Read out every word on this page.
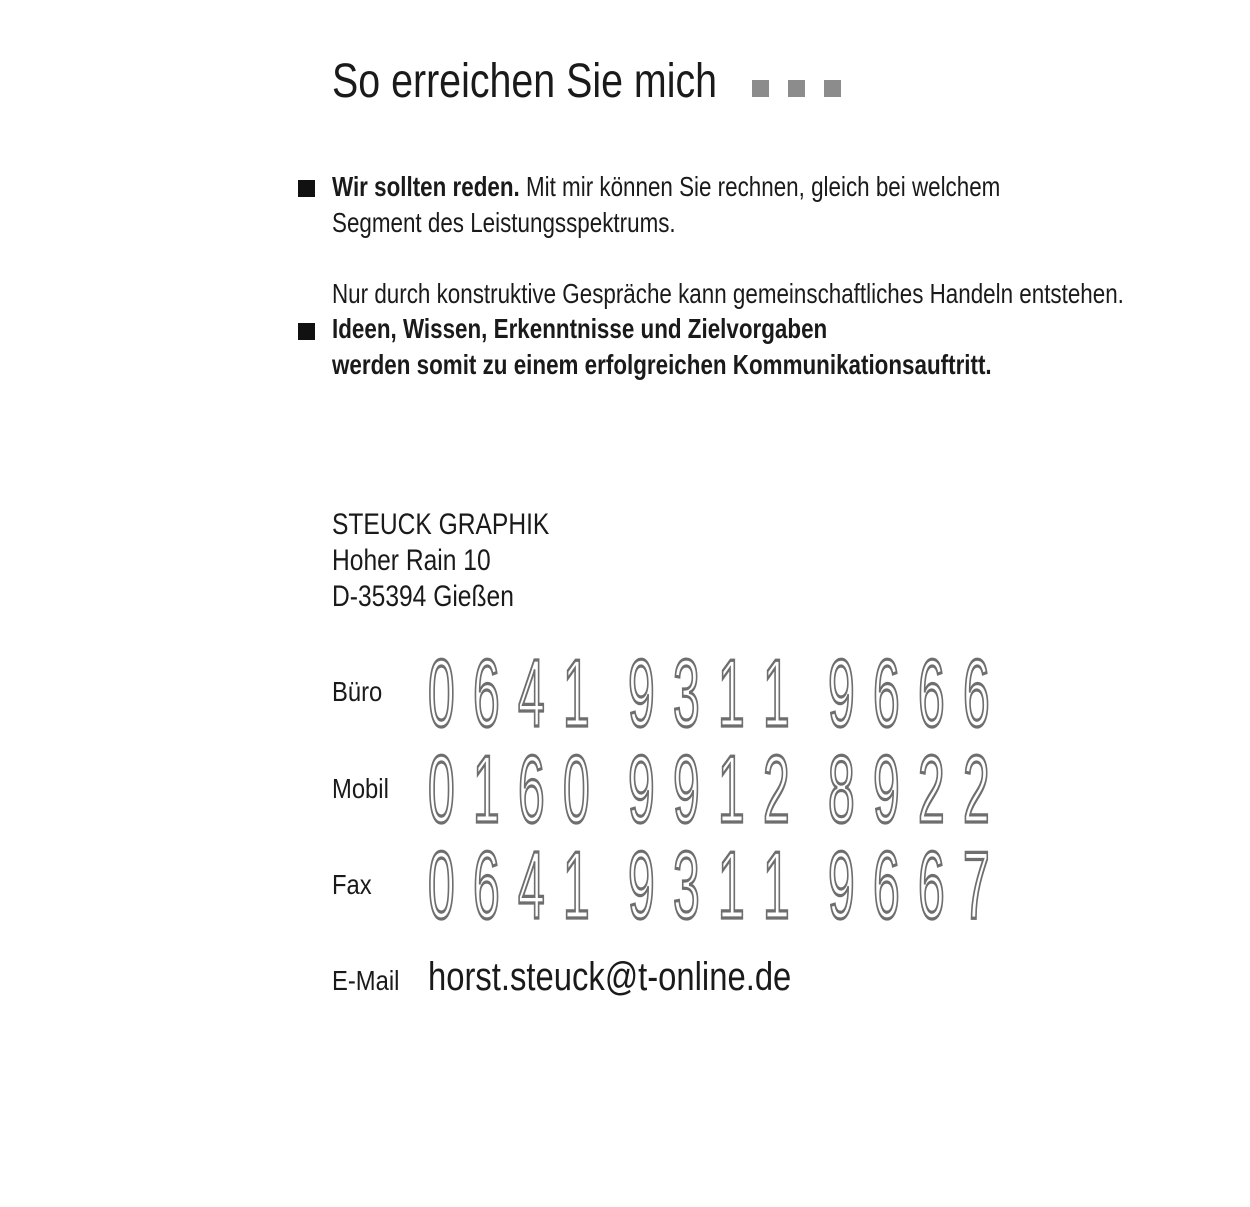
So erreichen Sie mich
Wir sollten reden. Mit mir können Sie rechnen, gleich bei welchem
Segment des Leistungsspektrums.
Nur durch konstruktive Gespräche kann gemeinschaftliches Handeln entstehen.
Ideen, Wissen, Erkenntnisse und Zielvorgaben
werden somit zu einem erfolgreichen Kommunikationsauftritt.
STEUCK GRAPHIK
Hoher Rain 10
D-35394 Gießen
Büro 0 6 4 1 9 3 1 1 9 6 6 6
Mobil 0 1 6 0 9 9 1 2 8 9 2 2
Fax 0 6 4 1 9 3 1 1 9 6 6 7
E-Mail horst.steuck@t-online.de
